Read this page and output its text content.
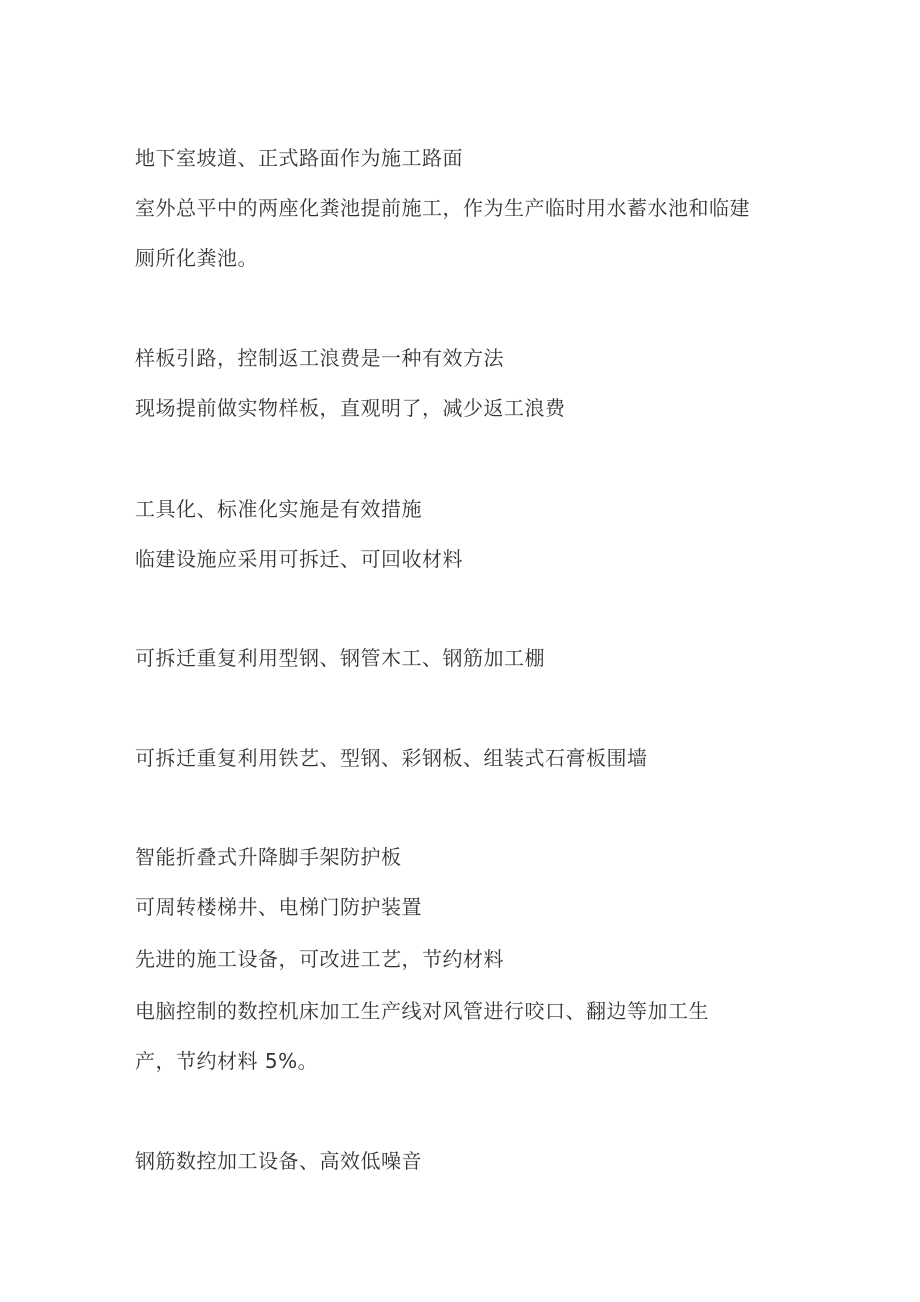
地下室坡道、正式路面作为施工路面

室外总平中的两座化粪池提前施工，作为生产临时用水蓄水池和临建

厕所化粪池。

样板引路，控制返工浪费是一种有效方法

现场提前做实物样板，直观明了，减少返工浪费

工具化、标准化实施是有效措施

临建设施应采用可拆迁、可回收材料

可拆迁重复利用型钢、钢管木工、钢筋加工棚

可拆迁重复利用铁艺、型钢、彩钢板、组装式石膏板围墙

智能折叠式升降脚手架防护板

可周转楼梯井、电梯门防护装置

先进的施工设备，可改进工艺，节约材料

电脑控制的数控机床加工生产线对风管进行咬口、翻边等加工生

产，节约材料 5%。

钢筋数控加工设备、高效低噪音
